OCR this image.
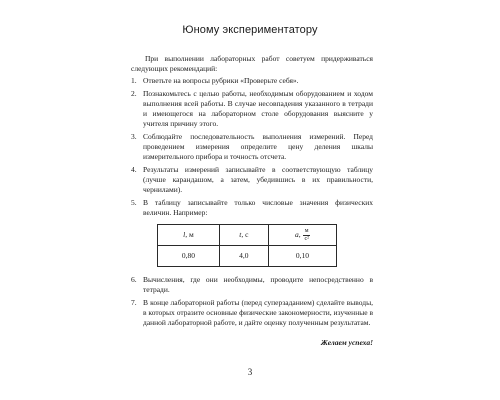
Юному экспериментатору

При выполнении лабораторных работ советуем придерживаться следующих рекомендаций:

1. Ответьте на вопросы рубрики «Проверьте себя».
2. Познакомьтесь с целью работы, необходимым оборудованием и ходом выполнения всей работы. В случае несовпадения указанного в тетради и имеющегося на лабораторном столе оборудования выясните у учителя причину этого.
3. Соблюдайте последовательность выполнения измерений. Перед проведением измерения определите цену деления шкалы измерительного прибора и точность отсчета.
4. Результаты измерений записывайте в соответствующую таблицу (лучше карандашом, а затем, убедившись в их правильности, чернилами).
5. В таблицу записывайте только числовые значения физических величин. Например:
l, м	t, с	a, $\frac{м}{\text{с²}}$

0,80	4,0	0,10
6. Вычисления, где они необходимы, проводите непосредственно в тетради.
7. В конце лабораторной работы (перед суперзаданием) сделайте выводы, в которых отразите основные физические закономерности, изученные в данной лабораторной работе, и дайте оценку полученным результатам.
Желаем успеха!
3
